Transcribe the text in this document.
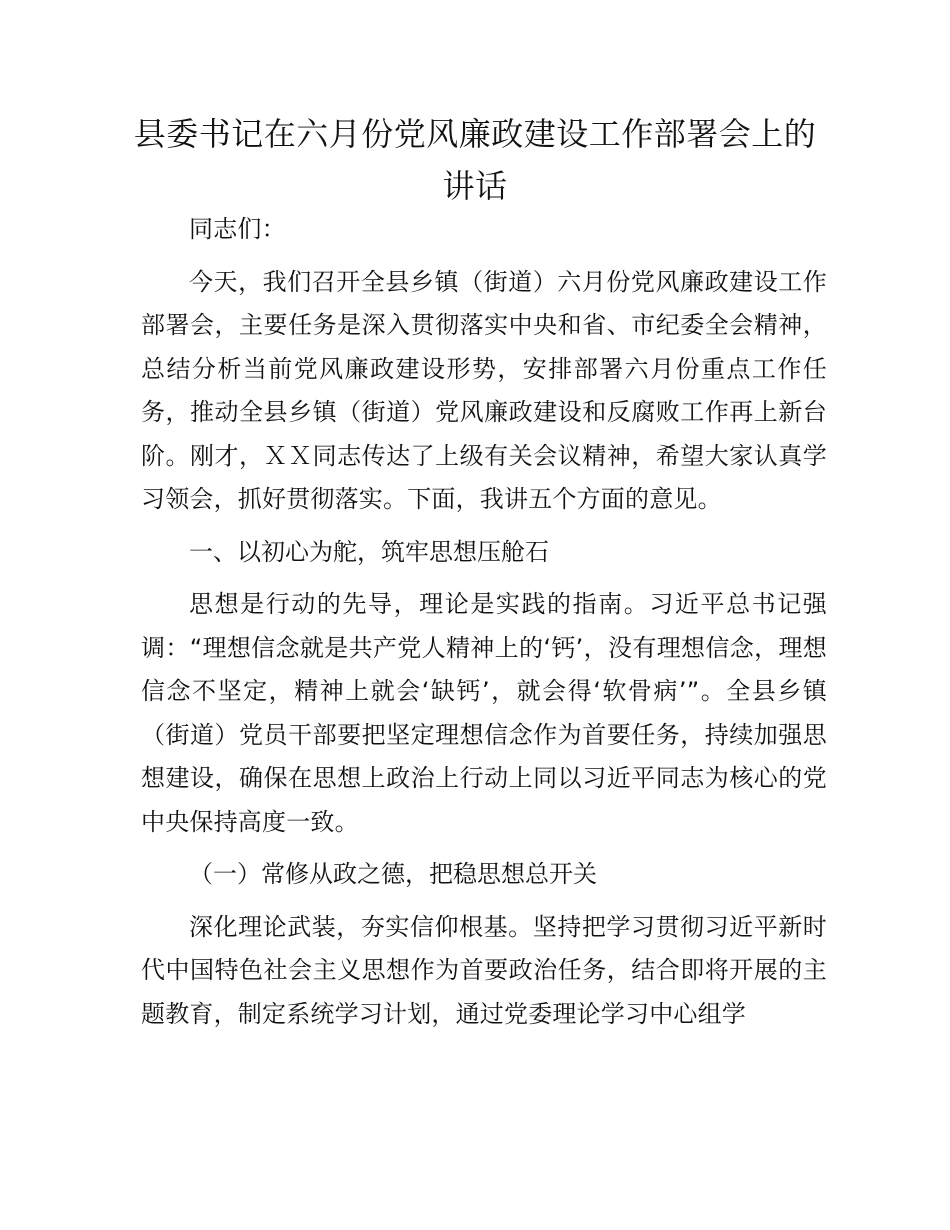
县委书记在六月份党风廉政建设工作部署会上的讲话

同志们：

今天，我们召开全县乡镇（街道）六月份党风廉政建设工作部署会，主要任务是深入贯彻落实中央和省、市纪委全会精神，总结分析当前党风廉政建设形势，安排部署六月份重点工作任务，推动全县乡镇（街道）党风廉政建设和反腐败工作再上新台阶。刚才，ＸＸ同志传达了上级有关会议精神，希望大家认真学习领会，抓好贯彻落实。下面，我讲五个方面的意见。

一、以初心为舵，筑牢思想压舱石

思想是行动的先导，理论是实践的指南。习近平总书记强调：“理想信念就是共产党人精神上的‘钙’，没有理想信念，理想信念不坚定，精神上就会‘缺钙’，就会得‘软骨病’”。全县乡镇（街道）党员干部要把坚定理想信念作为首要任务，持续加强思想建设，确保在思想上政治上行动上同以习近平同志为核心的党中央保持高度一致。

（一）常修从政之德，把稳思想总开关

深化理论武装，夯实信仰根基。坚持把学习贯彻习近平新时代中国特色社会主义思想作为首要政治任务，结合即将开展的主题教育，制定系统学习计划，通过党委理论学习中心组学
